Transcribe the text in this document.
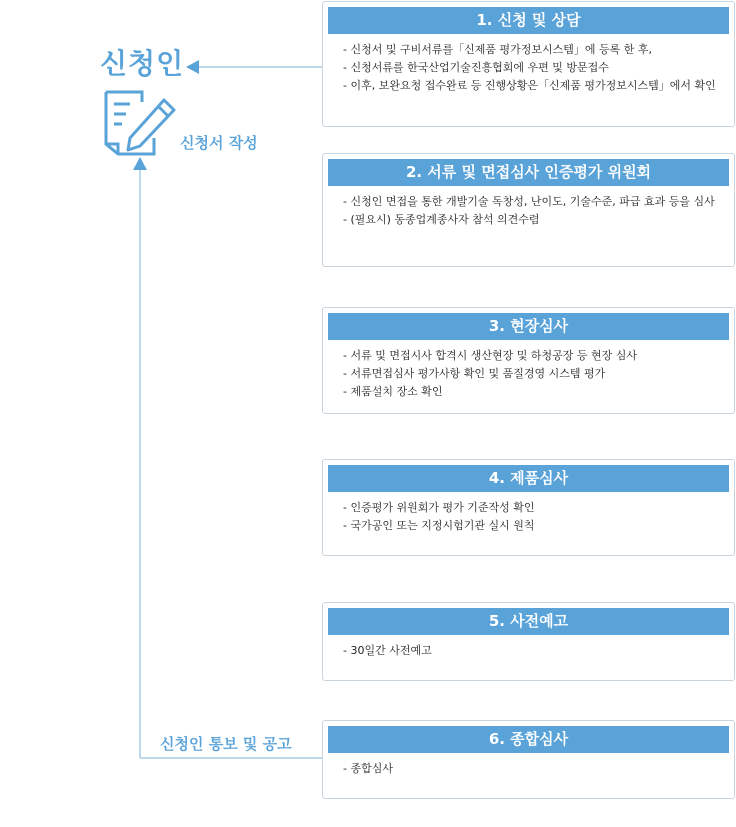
신청인
신청서 작성
신청인 통보 및 공고
1. 신청 및 상담
- 신청서 및 구비서류를「신제품 평가정보시스템」에 등록 한 후,
- 신청서류를 한국산업기술진흥협회에 우편 및 방문접수
- 이후, 보완요청 접수완료 등 진행상황은「신제품 평가정보시스템」에서 확인
2. 서류 및 면접심사 인증평가 위원회
- 신청인 면접을 통한 개발기술 독창성, 난이도, 기술수준, 파급 효과 등을 심사
- (필요시) 동종업계종사자 참석 의견수렴
3. 현장심사
- 서류 및 면접시사 합격시 생산현장 및 하청공장 등 현장 심사
- 서류면접심사 평가사항 확인 및 품질경영 시스템 평가
- 제품설치 장소 확인
4. 제품심사
- 인증평가 위원회가 평가 기준작성 확인
- 국가공인 또는 지정시험기관 실시 원칙
5. 사전예고
- 30일간 사전예고
6. 종합심사
- 종합심사
